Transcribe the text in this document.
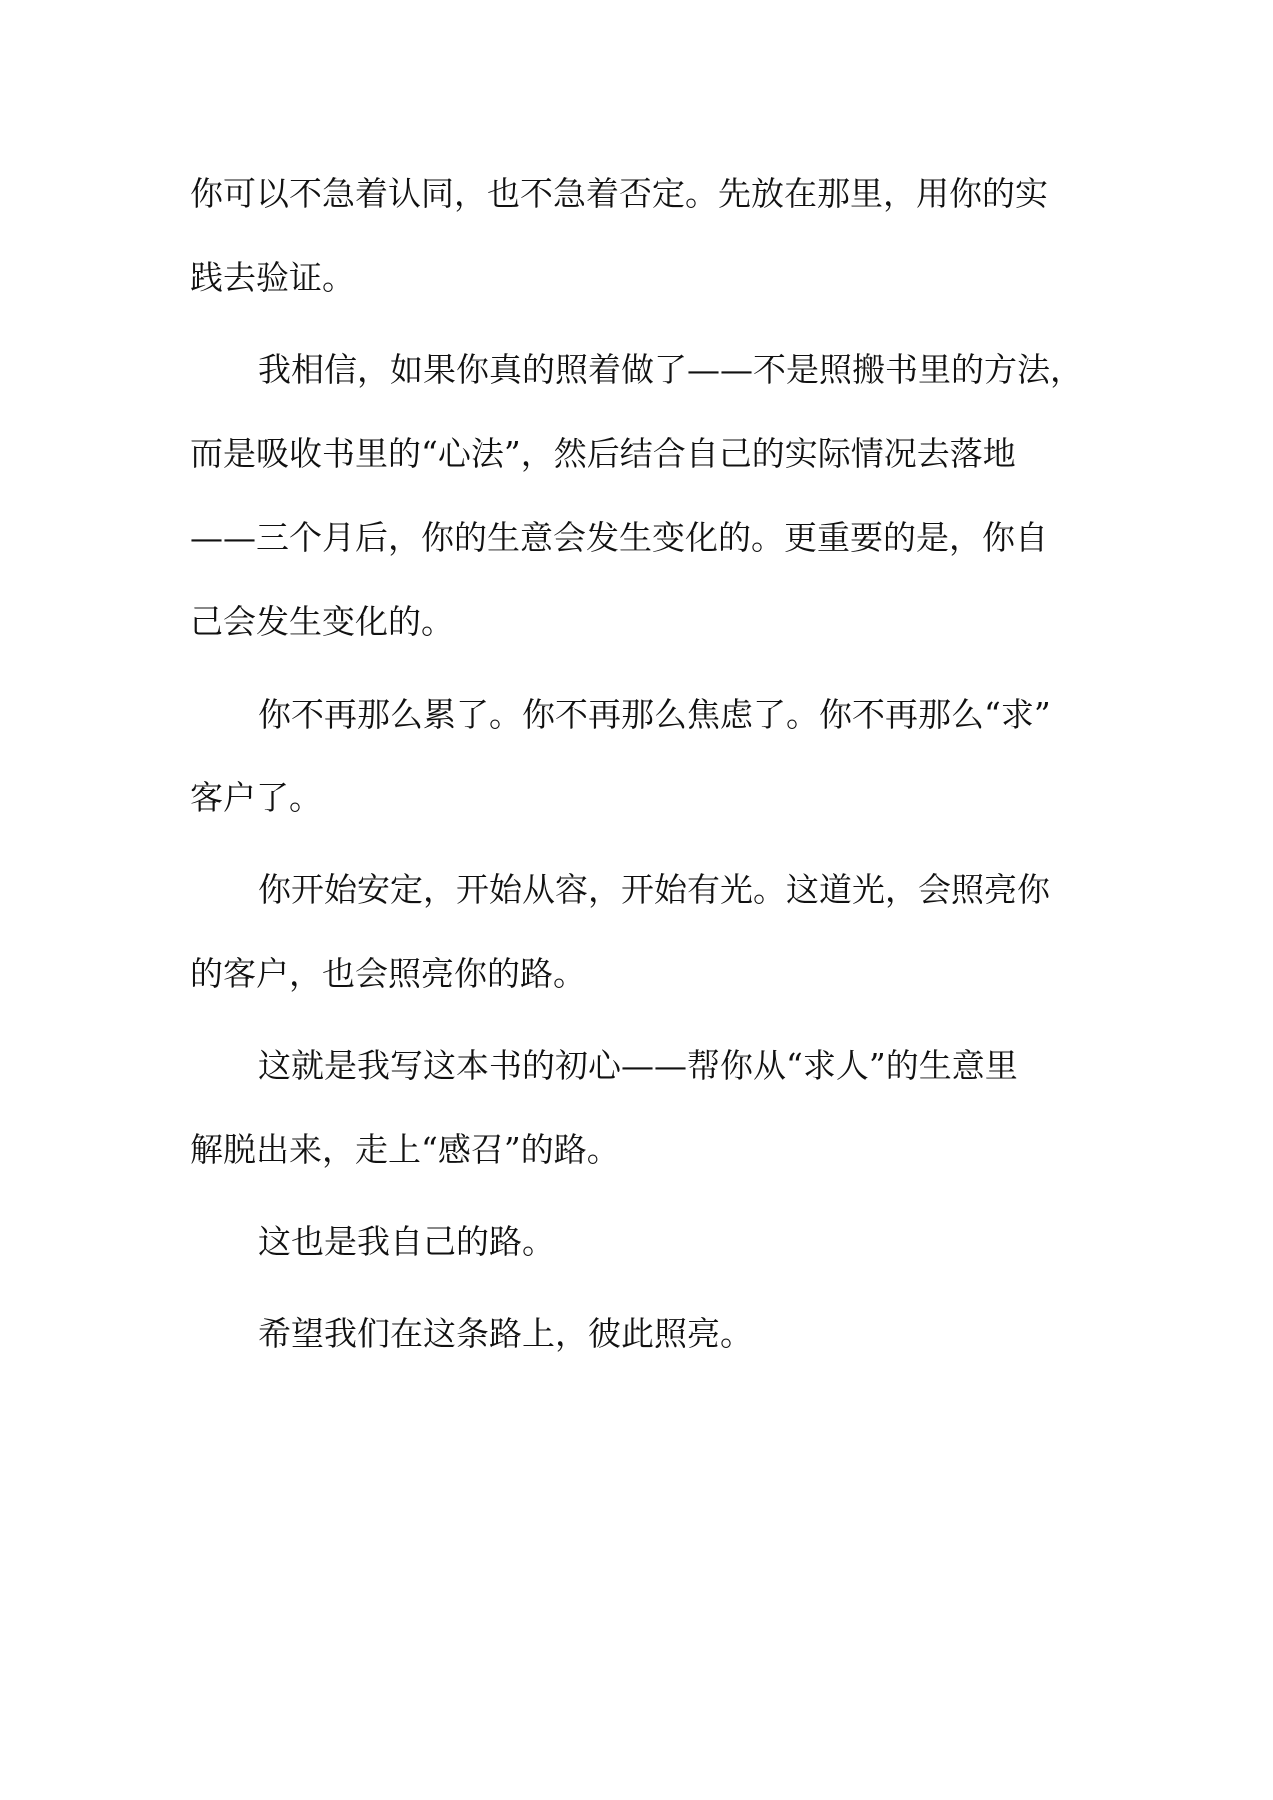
你可以不急着认同，也不急着否定。先放在那里，用你的实

践去验证。

我相信，如果你真的照着做了——不是照搬书里的方法，

而是吸收书里的“心法”，然后结合自己的实际情况去落地

——三个月后，你的生意会发生变化的。更重要的是，你自

己会发生变化的。

你不再那么累了。你不再那么焦虑了。你不再那么“求”

客户了。

你开始安定，开始从容，开始有光。这道光，会照亮你

的客户，也会照亮你的路。

这就是我写这本书的初心——帮你从“求人”的生意里

解脱出来，走上“感召”的路。

这也是我自己的路。

希望我们在这条路上，彼此照亮。
